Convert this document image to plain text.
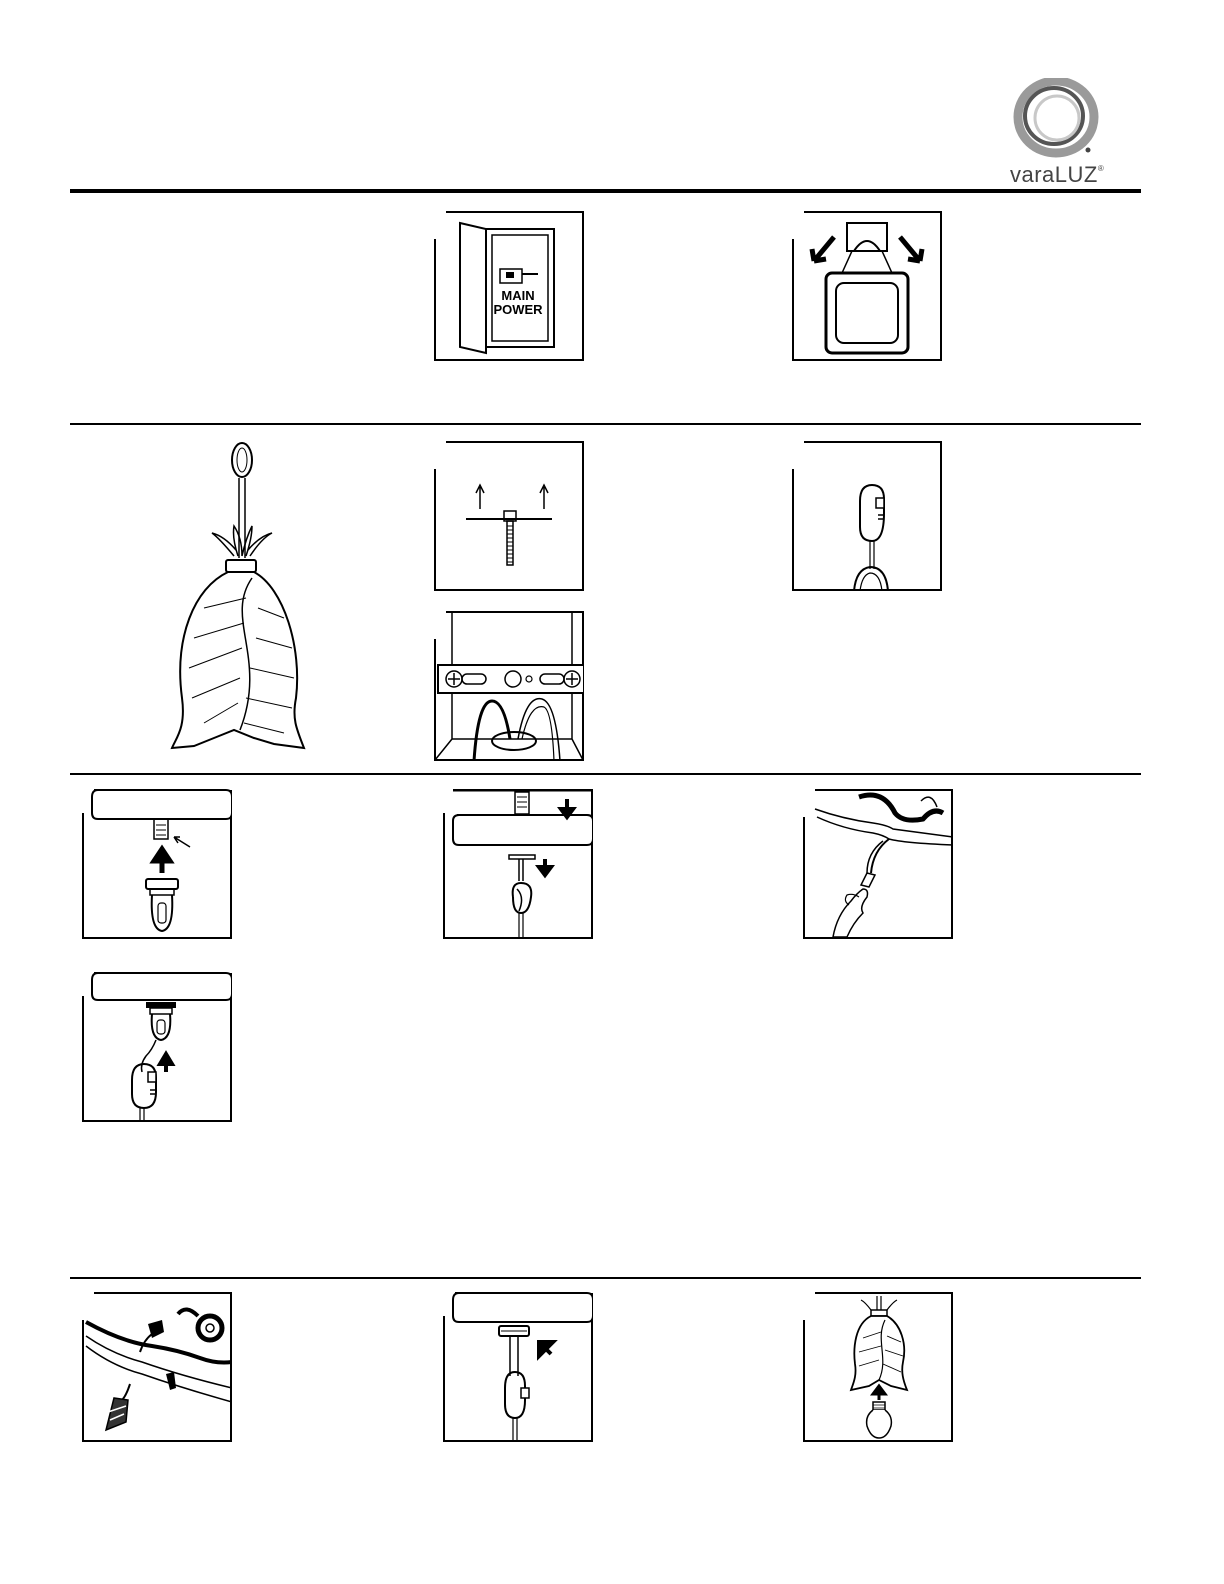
varaLUZ®
MAIN
POWER
